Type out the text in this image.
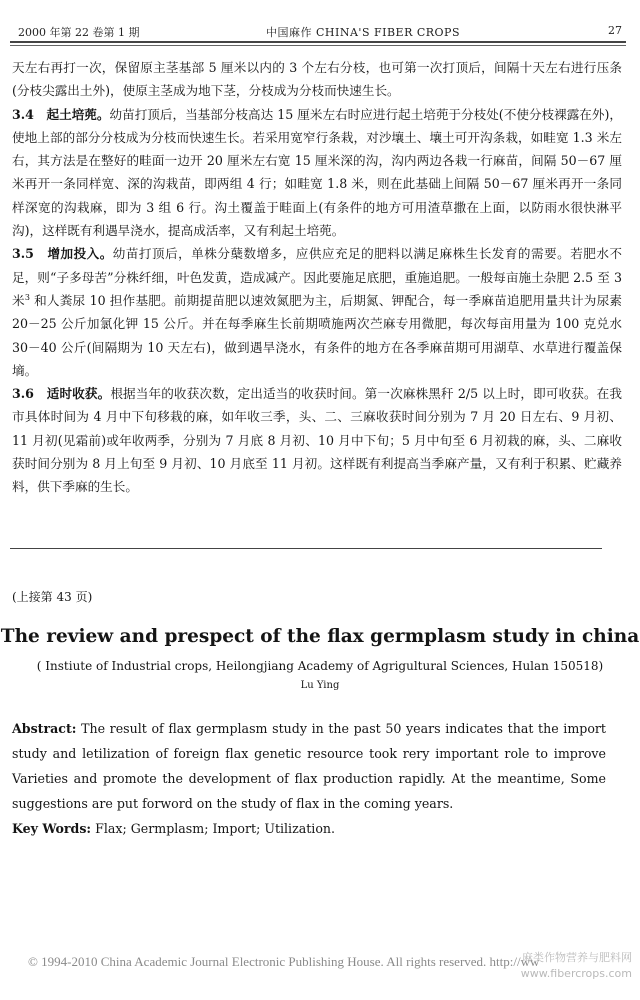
2000 年第 22 卷第 1 期	中国麻作 CHINA'S FIBER CROPS	27

天左右再打一次，保留原主茎基部 5 厘米以内的 3 个左右分枝，也可第一次打顶后，间隔十天左右进行压条(分枝尖露出土外)，使原主茎成为地下茎，分枝成为分枝而快速生长。

3.4　起土培蔸。幼苗打顶后，当基部分枝高达 15 厘米左右时应进行起土培蔸于分枝处(不使分枝裸露在外)，使地上部的部分分枝成为分枝而快速生长。若采用宽窄行条栽，对沙壤土、壤土可开沟条栽，如畦宽 1.3 米左右，其方法是在整好的畦面一边开 20 厘米左右宽 15 厘米深的沟，沟内两边各栽一行麻苗，间隔 50－67 厘米再开一条同样宽、深的沟栽苗，即两组 4 行；如畦宽 1.8 米，则在此基础上间隔 50－67 厘米再开一条同样深宽的沟栽麻，即为 3 组 6 行。沟土覆盖于畦面上(有条件的地方可用渣草撒在上面，以防雨水很快淋平沟)，这样既有利遇旱浇水，提高成活率，又有利起土培蔸。

3.5　增加投入。幼苗打顶后，单株分蘖数增多，应供应充足的肥料以满足麻株生长发育的需要。若肥水不足，则“子多母苦”分株纤细，叶色发黄，造成减产。因此要施足底肥，重施追肥。一般每亩施土杂肥 2.5 至 3 米$^3$ 和人粪尿 10 担作基肥。前期提苗肥以速效氮肥为主，后期氮、钾配合，每一季麻苗追肥用量共计为尿素 20－25 公斤加氯化钾 15 公斤。并在每季麻生长前期喷施两次苎麻专用微肥，每次每亩用量为 100 克兑水 30－40 公斤(间隔期为 10 天左右)，做到遇旱浇水，有条件的地方在各季麻苗期可用湖草、水草进行覆盖保墒。

3.6　适时收获。根据当年的收获次数，定出适当的收获时间。第一次麻株黑秆 2/5 以上时，即可收获。在我市具体时间为 4 月中下旬移栽的麻，如年收三季，头、二、三麻收获时间分别为 7 月 20 日左右、9 月初、11 月初(见霜前)或年收两季，分别为 7 月底 8 月初、10 月中下旬；5 月中旬至 6 月初栽的麻，头、二麻收获时间分别为 8 月上旬至 9 月初、10 月底至 11 月初。这样既有利提高当季麻产量，又有利于积累、贮藏养料，供下季麻的生长。

(上接第 43 页)
The review and prespect of the flax germplasm study in china
( Instiute of Industrial crops, Heilongjiang Academy of Agrigultural Sciences, Hulan 150518)
Lu Ying

Abstract: The result of flax germplasm study in the past 50 years indicates that the import study and letilization of foreign flax genetic resource took rery important role to improve Varieties and promote the development of flax production rapidly. At the meantime, Some suggestions are put forword on the study of flax in the coming years.

Key Words: Flax; Germplasm; Import; Utilization.

© 1994-2010 China Academic Journal Electronic Publishing House. All rights reserved. http://ww
麻类作物营养与肥料网
www.fibercrops.com
